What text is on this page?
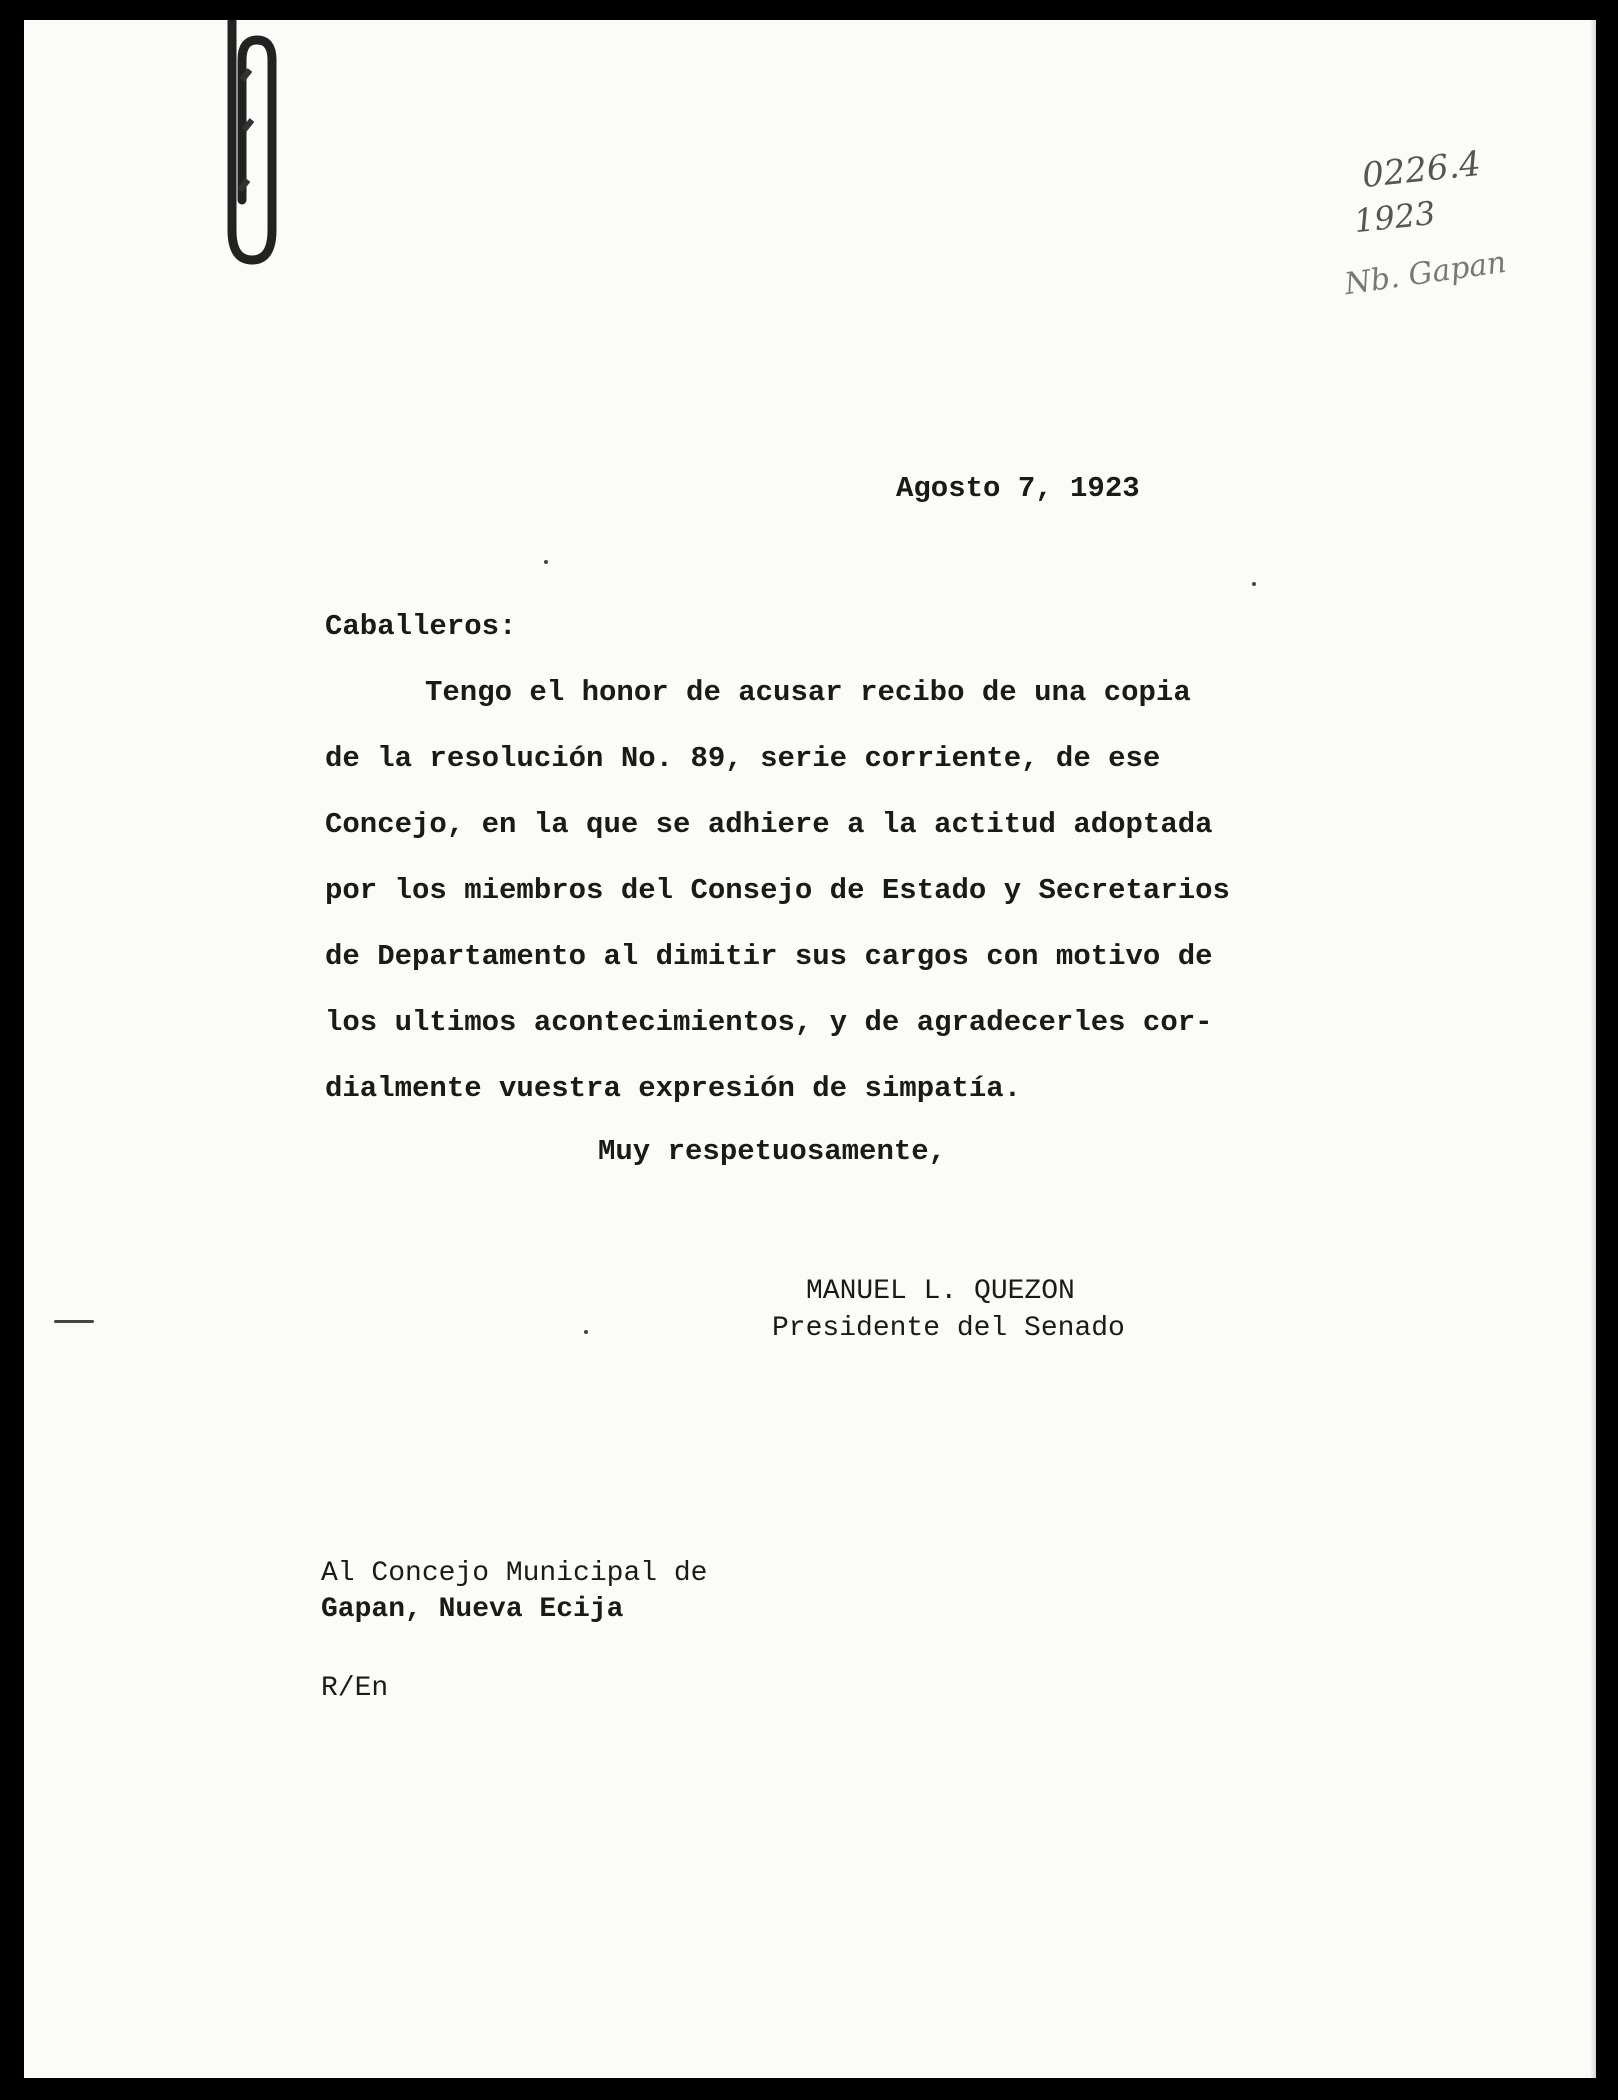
0226.4

1923

Nb. Gapan

Agosto 7, 1923

Caballeros:

Tengo el honor de acusar recibo de una copia

de la resolución No. 89, serie corriente, de ese

Concejo, en la que se adhiere a la actitud adoptada

por los miembros del Consejo de Estado y Secretarios

de Departamento al dimitir sus cargos con motivo de

los ultimos acontecimientos, y de agradecerles cor-

dialmente vuestra expresión de simpatía.

Muy respetuosamente,

MANUEL L. QUEZON

Presidente del Senado

Al Concejo Municipal de

Gapan, Nueva Ecija

R/En
